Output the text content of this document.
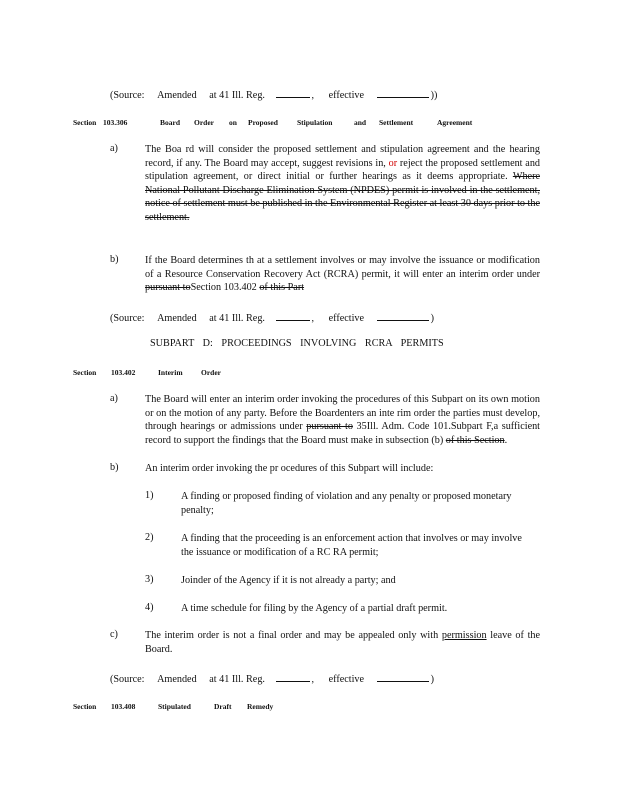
(Source: Amended at 41 Ill. Reg.	, effective	))
Section 103.306	Board Order on Proposed	Stipulation	and Settlement	Agreement
a)	The Boa rd will consider the proposed settlement and stipulation agreement and the hearing record, if any. The Board may accept, suggest revisions in, or reject the proposed settlement and stipulation agreement, or direct initial or further hearings as it deems appropriate. Where National Pollutant Discharge Elimination System (NPDES) permit is involved in the settlement, notice of settlement must be published in the Environmental Register at least 30 days prior to the settlement.
b)	If the Board determines th at a settlement involves or may involve the issuance or modification of a Resource Conservation Recovery Act (RCRA) permit, it will enter an interim order under pursuant toSection 103.402 of this Part
(Source: Amended at 41 Ill. Reg.	, effective	)
SUBPART D: PROCEEDINGS INVOLVING RCRA PERMITS
Section 103.402	Interim Order
a)	The Board will enter an interim order invoking the procedures of this Subpart on its own motion or on the motion of any party. Before the Boardenters an inte rim order the parties must develop, through hearings or admissions under pursuant to 35Ill. Adm. Code 101.Subpart F,a sufficient record to support the findings that the Board must make in subsection (b) of this Section.
b)	An interim order invoking the pr ocedures of this Subpart will include:
1)	A finding or proposed finding of violation and any penalty or proposed monetary penalty;
2)	A finding that the proceeding is an enforcement action that involves or may involve the issuance or modification of a RC RA permit;
3)	Joinder of the Agency if it is not already a party; and
4)	A time schedule for filing by the Agency of a partial draft permit.
c)	The interim order is not a final order and may be appealed only with permission leave of the Board.
(Source: Amended at 41 Ill. Reg.	, effective	)
Section 103.408	Stipulated	Draft Remedy
